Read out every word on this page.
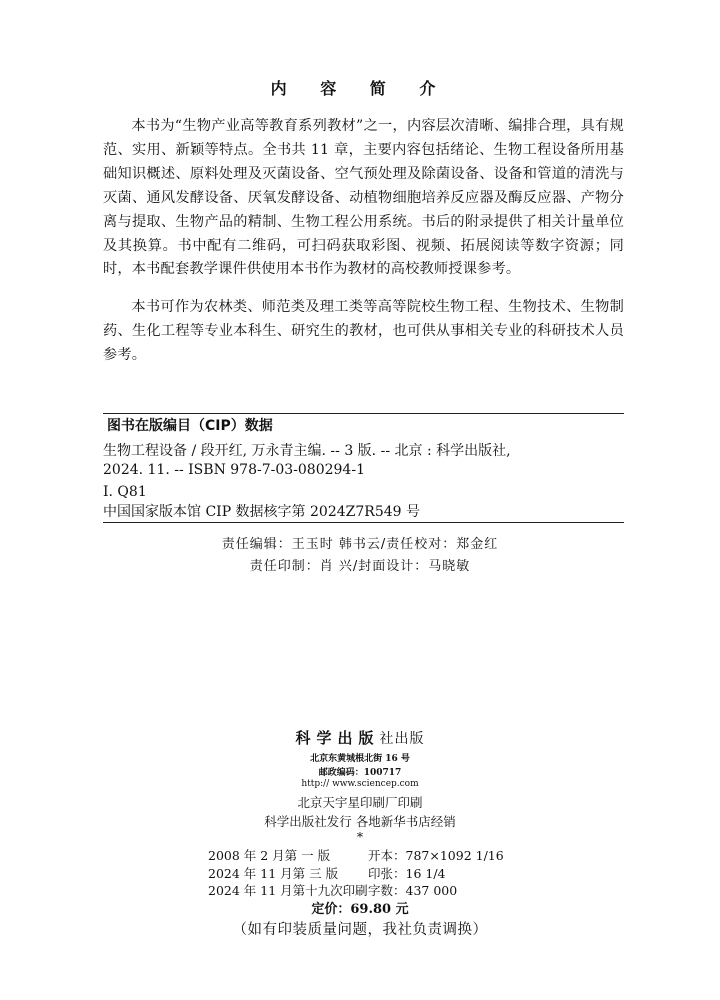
内 容 简 介
本书为“生物产业高等教育系列教材”之一，内容层次清晰、编排合理，具有规范、实用、新颖等特点。全书共 11 章，主要内容包括绪论、生物工程设备所用基础知识概述、原料处理及灭菌设备、空气预处理及除菌设备、设备和管道的清洗与灭菌、通风发酵设备、厌氧发酵设备、动植物细胞培养反应器及酶反应器、产物分离与提取、生物产品的精制、生物工程公用系统。书后的附录提供了相关计量单位及其换算。书中配有二维码，可扫码获取彩图、视频、拓展阅读等数字资源；同时，本书配套教学课件供使用本书作为教材的高校教师授课参考。
本书可作为农林类、师范类及理工类等高等院校生物工程、生物技术、生物制药、生化工程等专业本科生、研究生的教材，也可供从事相关专业的科研技术人员参考。
图书在版编目（CIP）数据
生物工程设备 / 段开红, 万永青主编. -- 3 版. -- 北京 : 科学出版社,
2024. 11. -- ISBN 978-7-03-080294-1
Ⅰ. Q81
中国国家版本馆 CIP 数据核字第 2024Z7R549 号
责任编辑：王玉时 韩书云/责任校对：郑金红
责任印制：肖 兴/封面设计：马晓敏
科学出版社出版
北京东黄城根北街 16 号
邮政编码：100717
http:// www.sciencep.com
北京天宇星印刷厂印刷
科学出版社发行 各地新华书店经销
*
2008 年 2 月第 一 版	开本：787×1092 1/16
2024 年 11 月第 三 版 印张：16 1/4
2024 年 11 月第十九次印刷字数：437 000
定价：69.80 元
（如有印装质量问题，我社负责调换）
